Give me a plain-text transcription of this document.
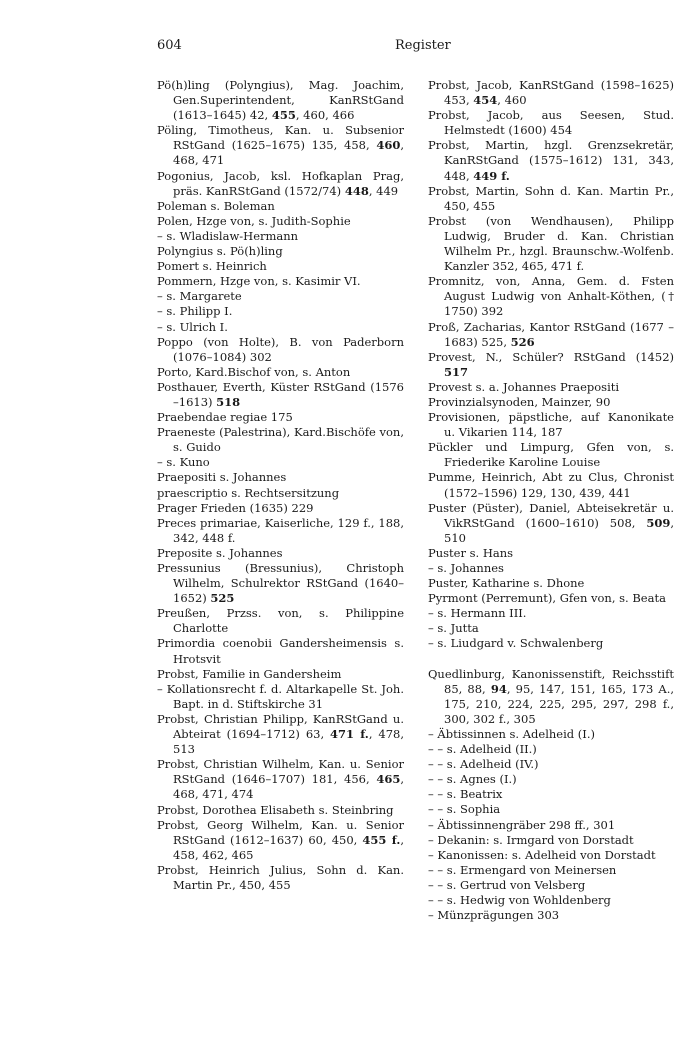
604	Register

Pö(h)ling (Polyngius), Mag. Joachim, Gen.Superintendent, KanRStGand (1613–1645) 42, 455, 460, 466

Pöling, Timotheus, Kan. u. Subsenior RStGand (1625–1675) 135, 458, 460, 468, 471

Pogonius, Jacob, ksl. Hofkaplan Prag, präs. KanRStGand (1572/74) 448, 449

Poleman s. Boleman

Polen, Hzge von, s. Judith-Sophie

– s. Wladislaw-Hermann

Polyngius s. Pö(h)ling

Pomert s. Heinrich

Pommern, Hzge von, s. Kasimir VI.

– s. Margarete

– s. Philipp I.

– s. Ulrich I.

Poppo (von Holte), B. von Paderborn (1076–1084) 302

Porto, Kard.Bischof von, s. Anton

Posthauer, Everth, Küster RStGand (1576 –1613) 518

Praebendae regiae 175

Praeneste (Palestrina), Kard.Bischöfe von, s. Guido

– s. Kuno

Praepositi s. Johannes

praescriptio s. Rechtsersitzung

Prager Frieden (1635) 229

Preces primariae, Kaiserliche, 129 f., 188, 342, 448 f.

Preposite s. Johannes

Pressunius (Bressunius), Christoph Wilhelm, Schulrektor RStGand (1640–1652) 525

Preußen, Przss. von, s. Philippine Charlotte

Primordia coenobii Gandersheimensis s. Hrotsvit

Probst, Familie in Gandersheim

– Kollationsrecht f. d. Altarkapelle St. Joh. Bapt. in d. Stiftskirche 31

Probst, Christian Philipp, KanRStGand u. Abteirat (1694–1712) 63, 471 f., 478, 513

Probst, Christian Wilhelm, Kan. u. Senior RStGand (1646–1707) 181, 456, 465, 468, 471, 474

Probst, Dorothea Elisabeth s. Steinbring

Probst, Georg Wilhelm, Kan. u. Senior RStGand (1612–1637) 60, 450, 455 f., 458, 462, 465

Probst, Heinrich Julius, Sohn d. Kan. Martin Pr., 450, 455

Probst, Jacob, KanRStGand (1598–1625) 453, 454, 460

Probst, Jacob, aus Seesen, Stud. Helmstedt (1600) 454

Probst, Martin, hzgl. Grenzsekretär, KanRStGand (1575–1612) 131, 343, 448, 449 f.

Probst, Martin, Sohn d. Kan. Martin Pr., 450, 455

Probst (von Wendhausen), Philipp Ludwig, Bruder d. Kan. Christian Wilhelm Pr., hzgl. Braunschw.-Wolfenb. Kanzler 352, 465, 471 f.

Promnitz, von, Anna, Gem. d. Fsten August Ludwig von Anhalt-Köthen, († 1750) 392

Proß, Zacharias, Kantor RStGand (1677 –1683) 525, 526

Provest, N., Schüler? RStGand (1452) 517

Provest s. a. Johannes Praepositi

Provinzialsynoden, Mainzer, 90

Provisionen, päpstliche, auf Kanonikate u. Vikarien 114, 187

Pückler und Limpurg, Gfen von, s. Friederike Karoline Louise

Pumme, Heinrich, Abt zu Clus, Chronist (1572–1596) 129, 130, 439, 441

Puster (Püster), Daniel, Abteisekretär u. VikRStGand (1600–1610) 508, 509, 510

Puster s. Hans

– s. Johannes

Puster, Katharine s. Dhone

Pyrmont (Perremunt), Gfen von, s. Beata

– s. Hermann III.

– s. Jutta

– s. Liudgard v. Schwalenberg

Quedlinburg, Kanonissenstift, Reichsstift 85, 88, 94, 95, 147, 151, 165, 173 A., 175, 210, 224, 225, 295, 297, 298 f., 300, 302 f., 305

– Äbtissinnen s. Adelheid (I.)

– – s. Adelheid (II.)

– – s. Adelheid (IV.)

– – s. Agnes (I.)

– – s. Beatrix

– – s. Sophia

– Äbtissinnengräber 298 ff., 301

– Dekanin: s. Irmgard von Dorstadt

– Kanonissen: s. Adelheid von Dorstadt

– – s. Ermengard von Meinersen

– – s. Gertrud von Velsberg

– – s. Hedwig von Wohldenberg

– Münzprägungen 303
